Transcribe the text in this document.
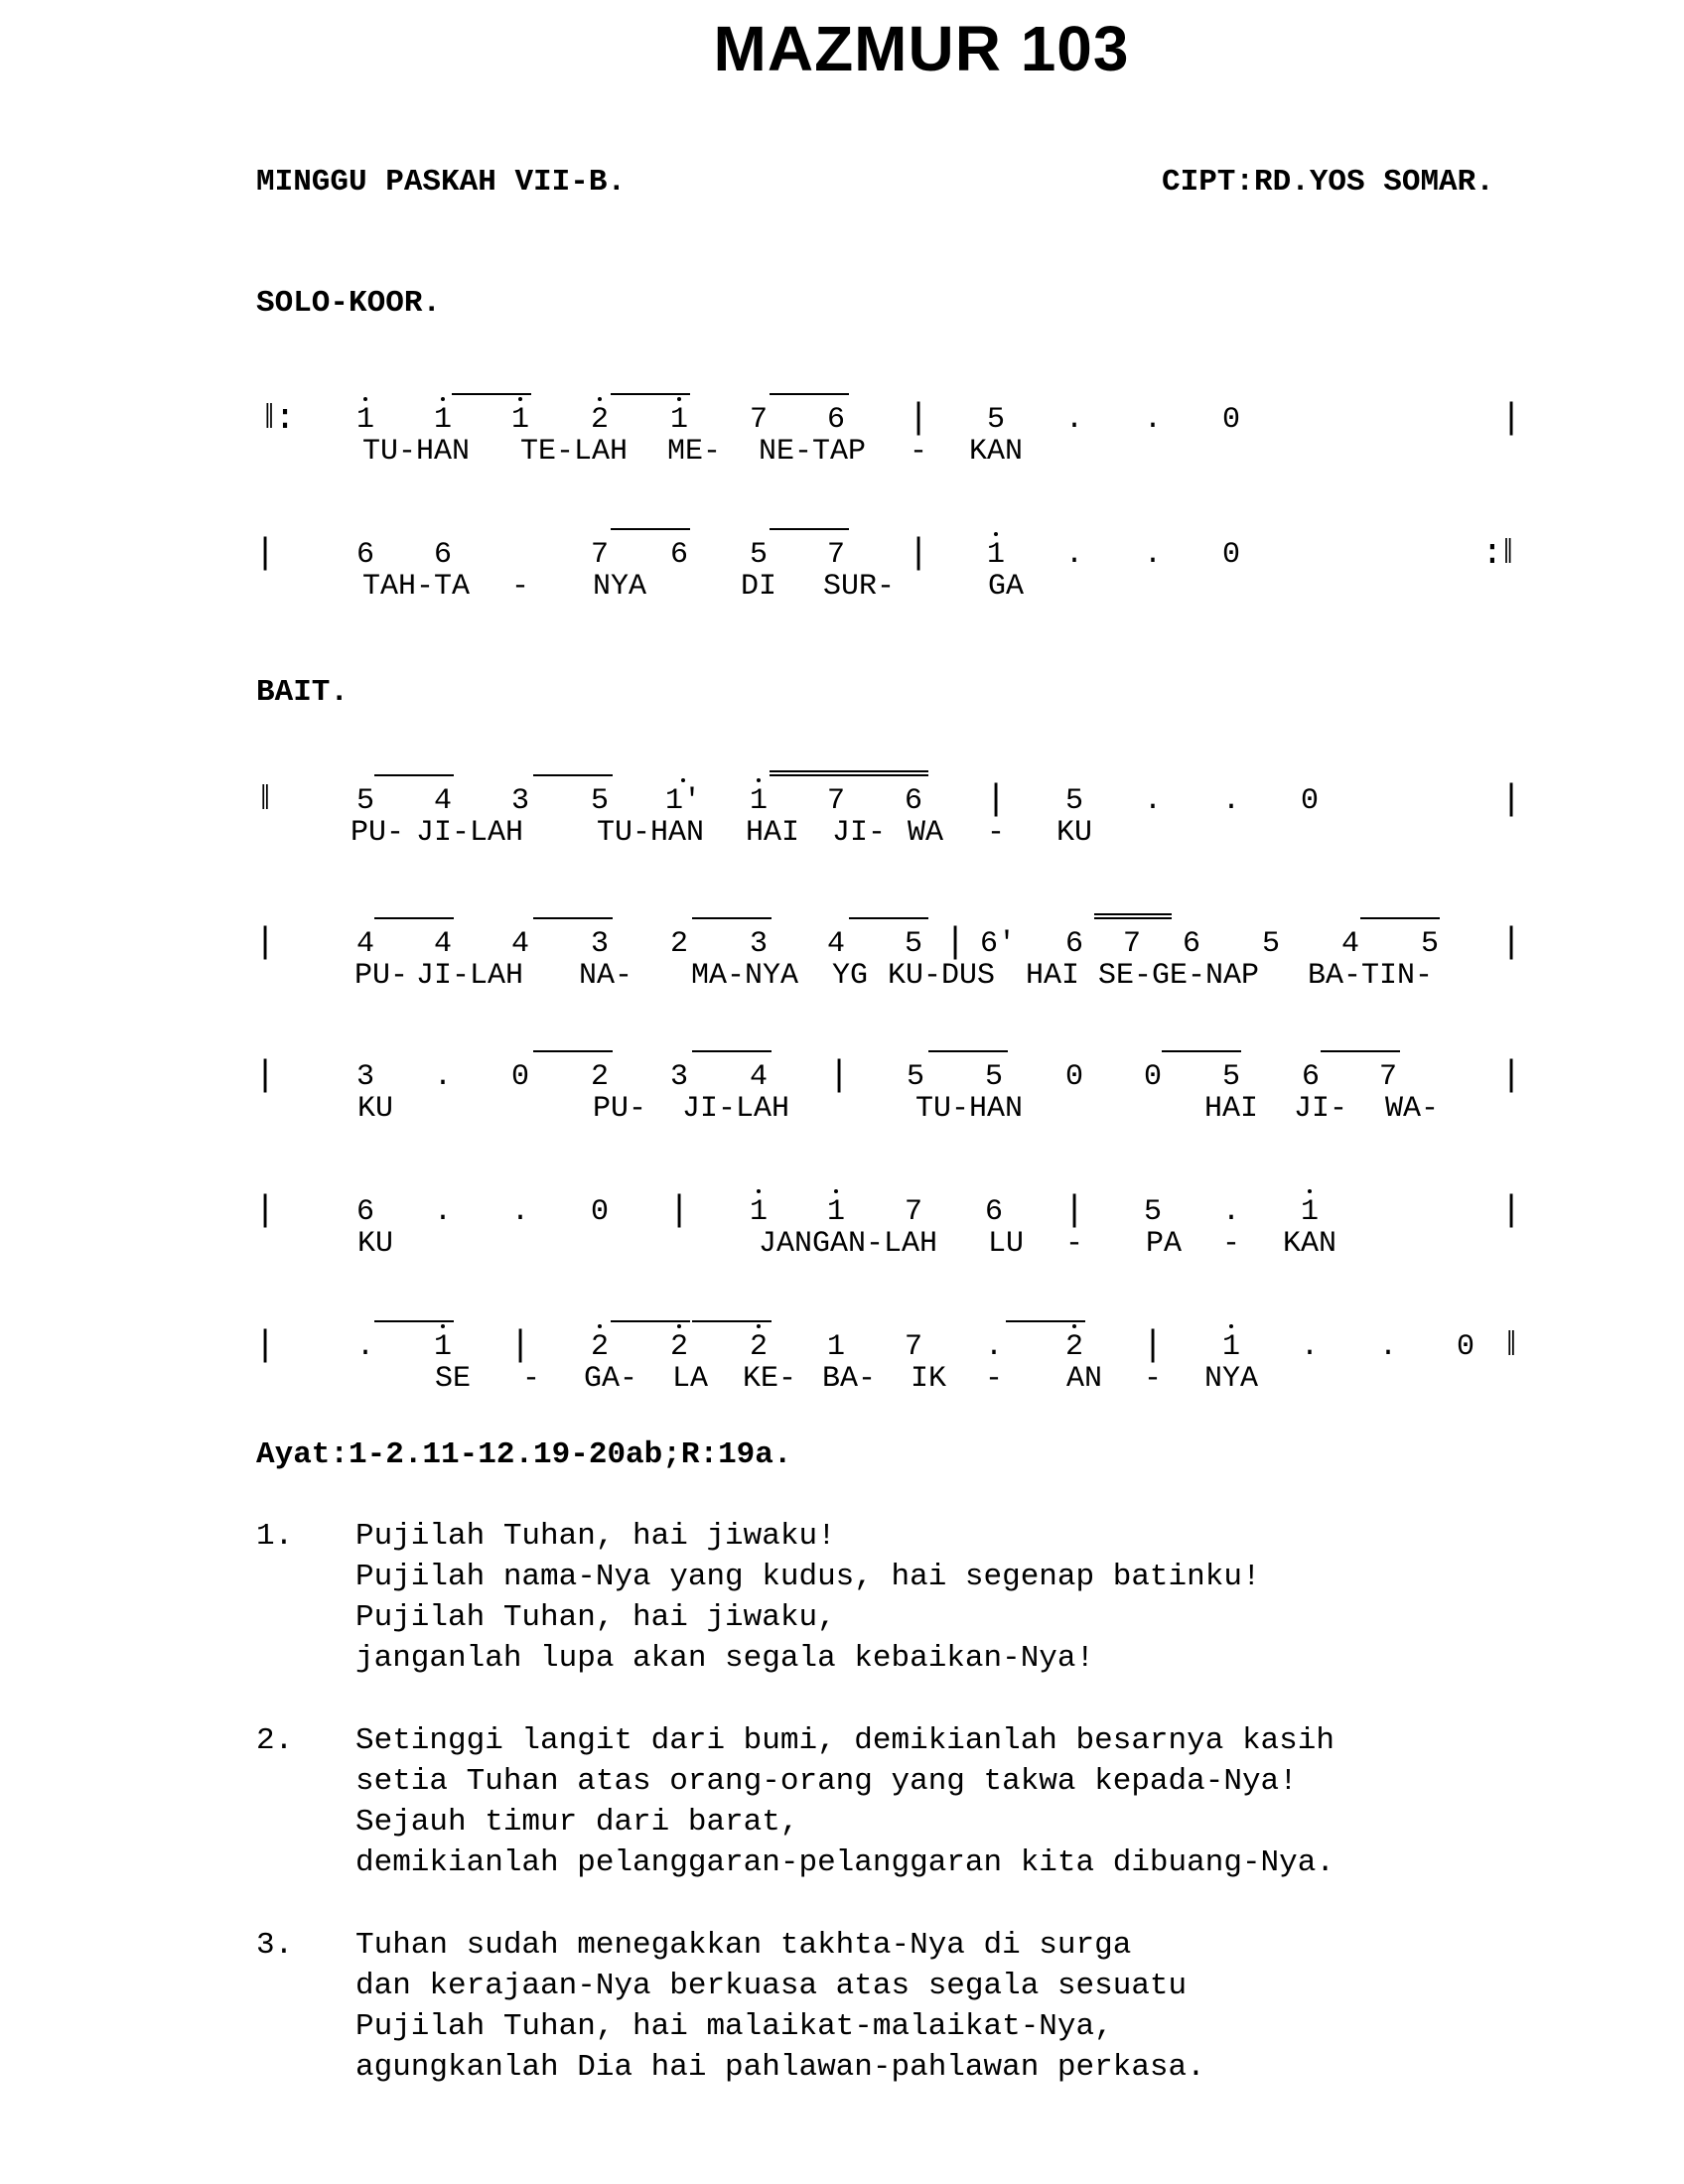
MAZMUR 103
MINGGU PASKAH VII-B.	CIPT:RD.YOS SOMAR.
SOLO-KOOR.
‖: 1 1 1 2 1 7 6 | 5 . . 0	|
TU-HAN TE-LAH ME- NE-TAP - KAN
|	6 6	7 6 5 7 | 1 . . 0	:‖
TAH-TA - NYA	DI SUR-	GA
BAIT.
‖	5 4 3 5 1' 1 7 6 | 5 . . 0	|
PU- JI-LAH TU-HAN HAI JI- WA - KU
|	4 4 4 3 2 3 4 5 | 6' 6 7 6 5 4 5 |
PU- JI-LAH NA- MA-NYA YG KU-DUS HAI SE-GE-NAP BA-TIN-
|	3 . 0 2 3 4 | 5 5 0 0 5 6 7	|
KU	PU- JI-LAH	TU-HAN	HAI JI- WA-
|	6 . . 0 | 1 1 7 6 | 5 . 1	|
KU	JANGAN-LAH LU - PA - KAN
|	. 1 | 2 2 2 1 7 . 2 | 1 . . 0 ‖
SE - GA- LA KE- BA- IK - AN - NYA
Ayat:1-2.11-12.19-20ab;R:19a.
1. Pujilah Tuhan, hai jiwaku!
Pujilah nama-Nya yang kudus, hai segenap batinku!
Pujilah Tuhan, hai jiwaku,
janganlah lupa akan segala kebaikan-Nya!
2. Setinggi langit dari bumi, demikianlah besarnya kasih
setia Tuhan atas orang-orang yang takwa kepada-Nya!
Sejauh timur dari barat,
demikianlah pelanggaran-pelanggaran kita dibuang-Nya.
3. Tuhan sudah menegakkan takhta-Nya di surga
dan kerajaan-Nya berkuasa atas segala sesuatu
Pujilah Tuhan, hai malaikat-malaikat-Nya,
agungkanlah Dia hai pahlawan-pahlawan perkasa.
